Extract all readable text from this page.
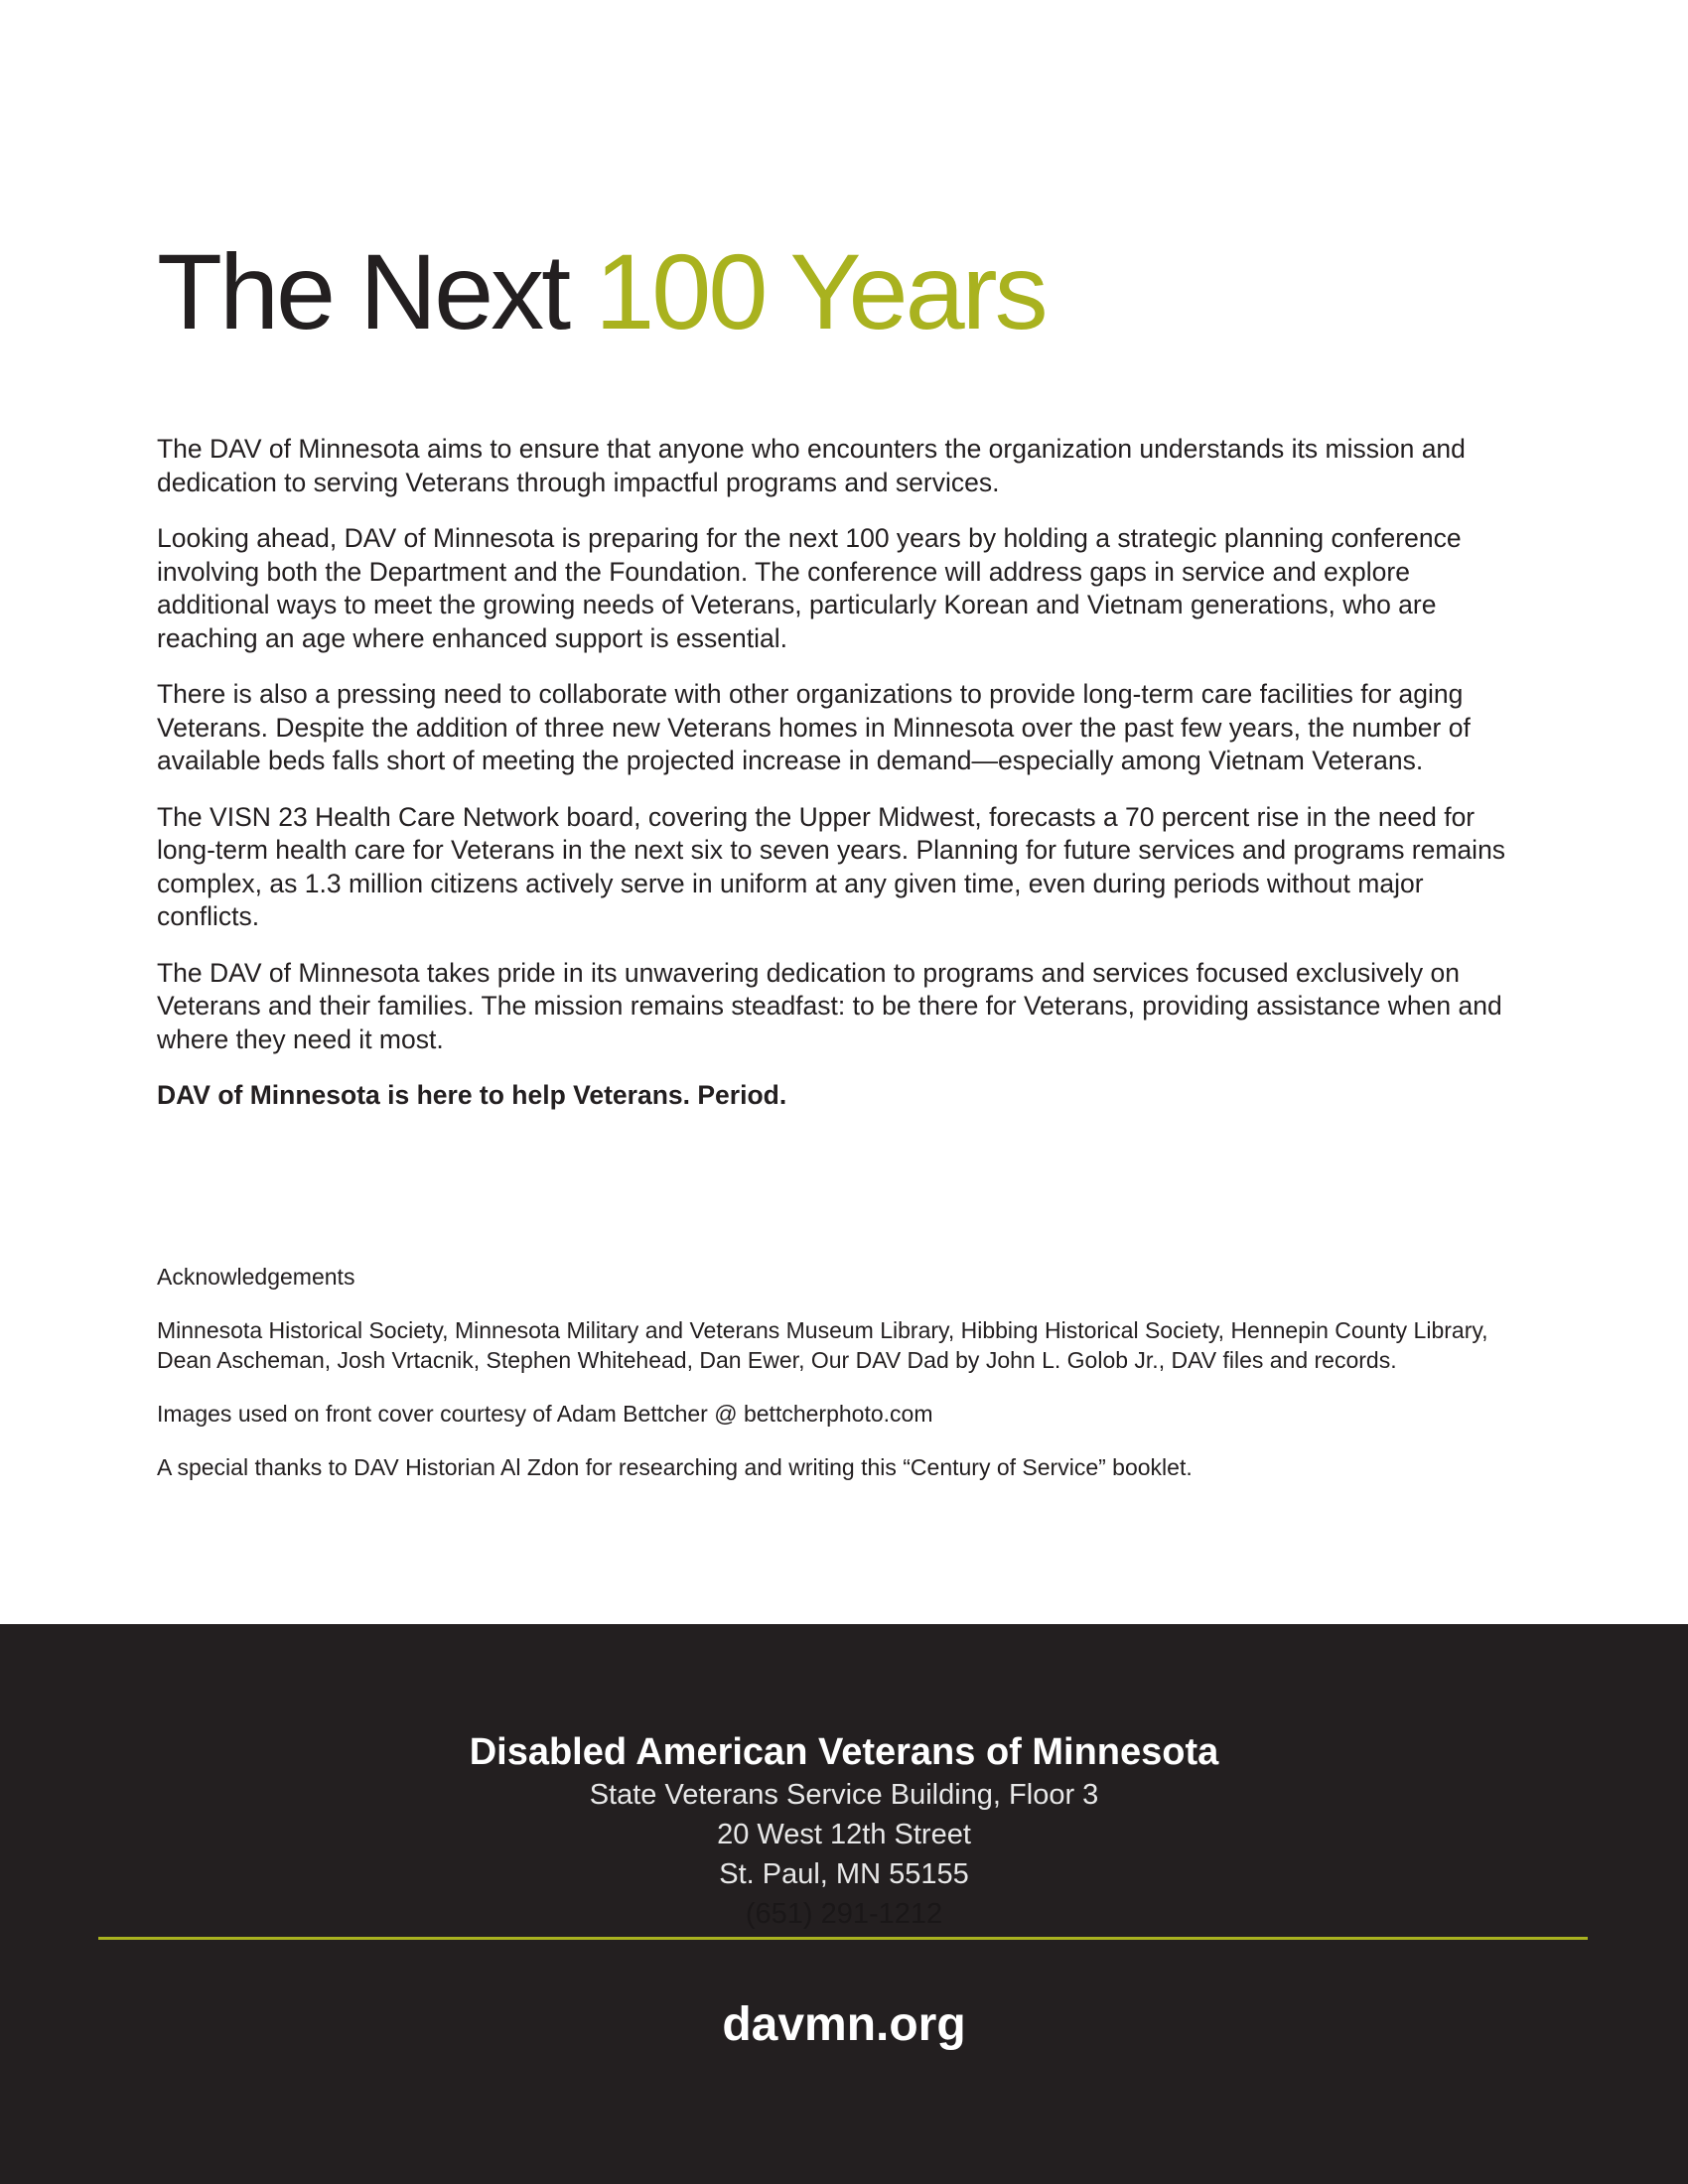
The Next 100 Years

The DAV of Minnesota aims to ensure that anyone who encounters the organization understands its mission and dedication to serving Veterans through impactful programs and services.

Looking ahead, DAV of Minnesota is preparing for the next 100 years by holding a strategic planning conference involving both the Department and the Foundation. The conference will address gaps in service and explore additional ways to meet the growing needs of Veterans, particularly Korean and Vietnam generations, who are reaching an age where enhanced support is essential.

There is also a pressing need to collaborate with other organizations to provide long-term care facilities for aging Veterans. Despite the addition of three new Veterans homes in Minnesota over the past few years, the number of available beds falls short of meeting the projected increase in demand—especially among Vietnam Veterans.

The VISN 23 Health Care Network board, covering the Upper Midwest, forecasts a 70 percent rise in the need for long-term health care for Veterans in the next six to seven years. Planning for future services and programs remains complex, as 1.3 million citizens actively serve in uniform at any given time, even during periods without major conflicts.

The DAV of Minnesota takes pride in its unwavering dedication to programs and services focused exclusively on Veterans and their families. The mission remains steadfast: to be there for Veterans, providing assistance when and where they need it most.

DAV of Minnesota is here to help Veterans. Period.

Acknowledgements

Minnesota Historical Society, Minnesota Military and Veterans Museum Library, Hibbing Historical Society, Hennepin County Library, Dean Ascheman, Josh Vrtacnik, Stephen Whitehead, Dan Ewer, Our DAV Dad by John L. Golob Jr., DAV files and records.

Images used on front cover courtesy of Adam Bettcher @ bettcherphoto.com

A special thanks to DAV Historian Al Zdon for researching and writing this “Century of Service” booklet.

Disabled American Veterans of Minnesota
State Veterans Service Building, Floor 3
20 West 12th Street
St. Paul, MN 55155
(651) 291-1212
davmn.org
